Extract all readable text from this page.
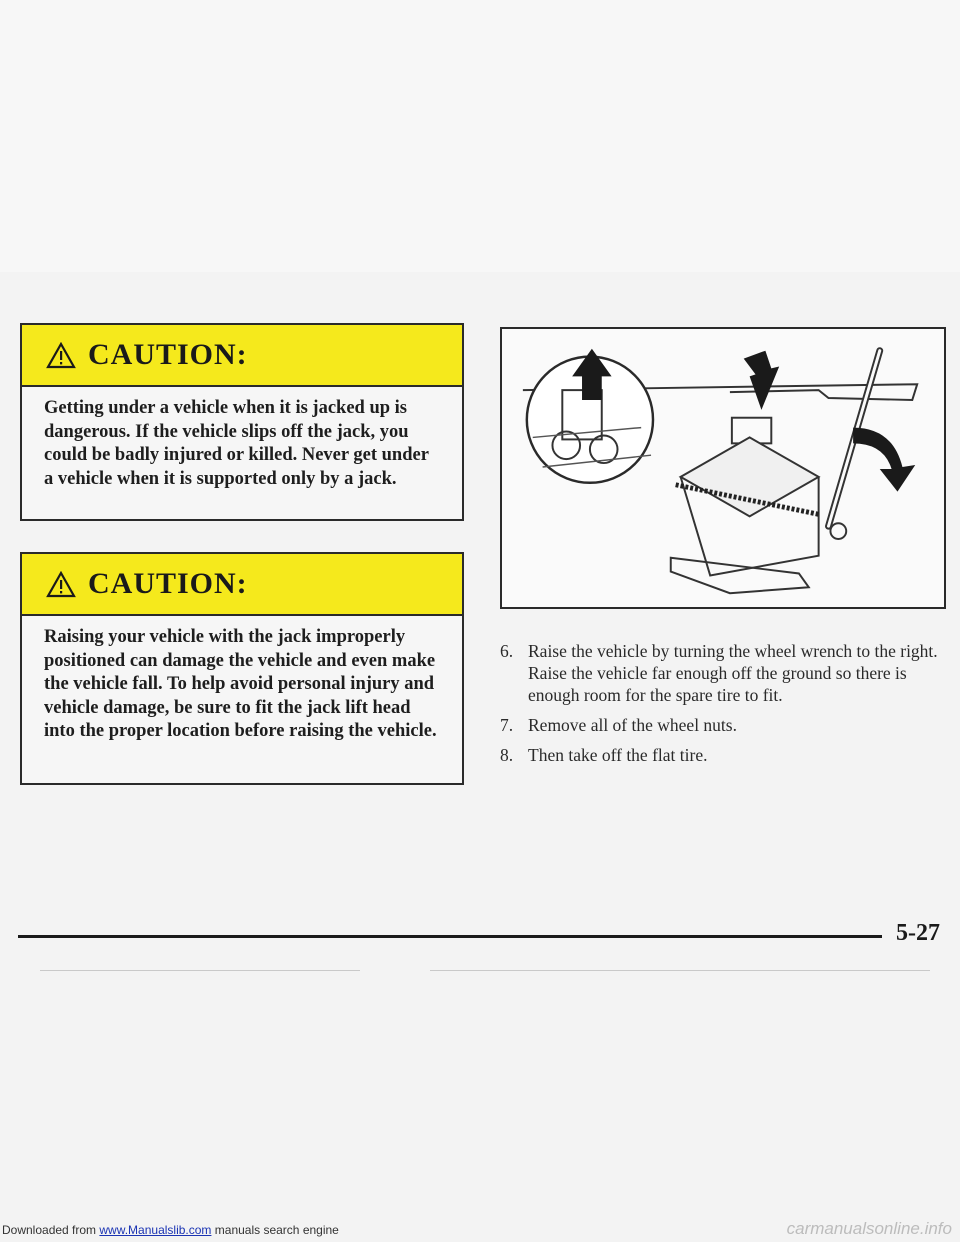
CAUTION:
Getting under a vehicle when it is jacked up is dangerous. If the vehicle slips off the jack, you could be badly injured or killed. Never get under a vehicle when it is supported only by a jack.
CAUTION:
Raising your vehicle with the jack improperly positioned can damage the vehicle and even make the vehicle fall. To help avoid personal injury and vehicle damage, be sure to fit the jack lift head into the proper location before raising the vehicle.
6. Raise the vehicle by turning the wheel wrench to the right. Raise the vehicle far enough off the ground so there is enough room for the spare tire to fit.
7. Remove all of the wheel nuts.
8. Then take off the flat tire.
5-27
Downloaded from www.Manualslib.com manuals search engine	carmanualsonline.info
